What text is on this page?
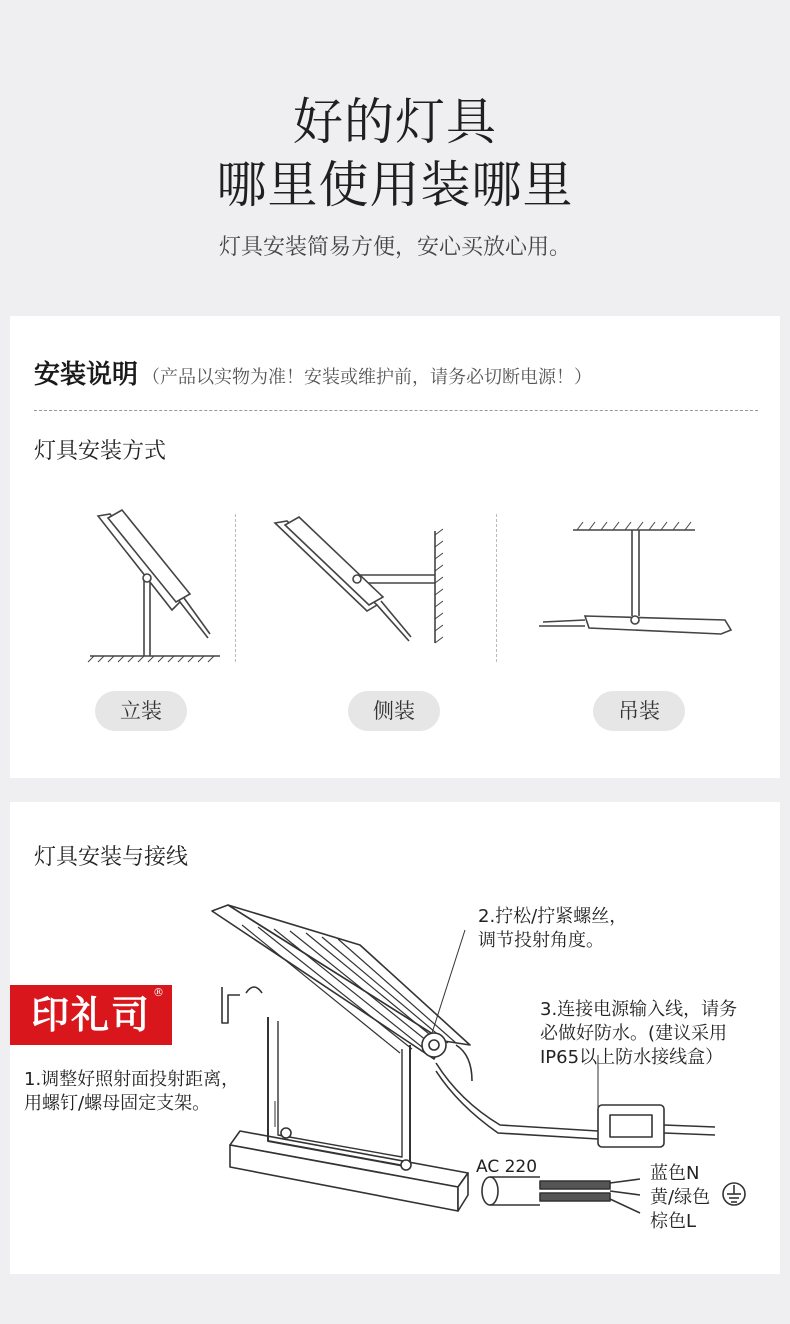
好的灯具
哪里使用装哪里
灯具安装简易方便，安心买放心用。
安装说明 （产品以实物为准！安装或维护前，请务必切断电源！）
灯具安装方式
立装	侧装	吊装
灯具安装与接线
2.拧松/拧紧螺丝，
调节投射角度。
3.连接电源输入线，请务
必做好防水。(建议采用
IP65以上防水接线盒）
1.调整好照射面投射距离，
用螺钉/螺母固定支架。
AC 220	蓝色N
黄/绿色
棕色L
印礼司 ®
